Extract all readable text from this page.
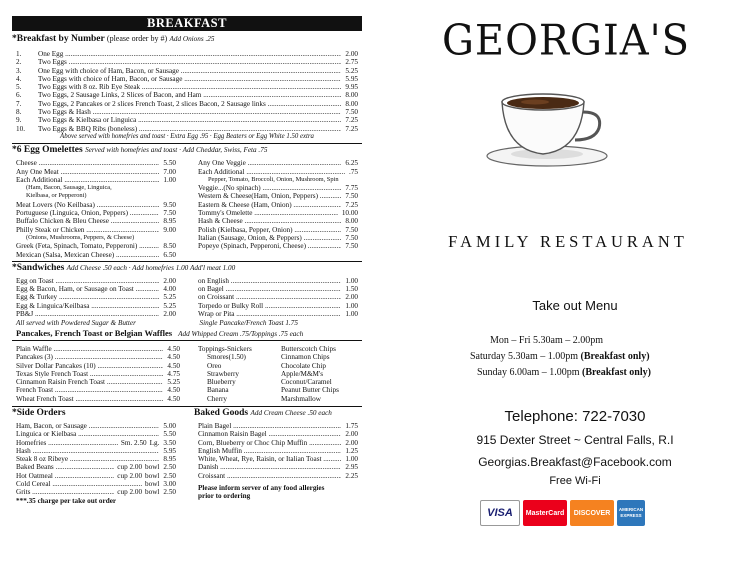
BREAKFAST
*Breakfast by Number (please order by #) Add Onions .25
1.	One Egg .....	2.00
2.	Two Eggs .....	2.75
3.	One Egg with choice of Ham, Bacon, or Sausage .....	5.25
4.	Two Eggs with choice of Ham, Bacon, or Sausage .....	5.95
5.	Two Eggs with 8 oz. Rib Eye Steak .....	9.95
6.	Two Eggs, 2 Sausage Links, 2 Slices of Bacon, and Ham .....	8.00
7.	Two Eggs, 2 Pancakes or 2 slices French Toast, 2 slices Bacon, 2 Sausage links .....	8.00
8.	Two Eggs & Hash .....	7.50
9.	Two Eggs & Kielbasa or Linguica .....	7.25
10.	Two Eggs & BBQ Ribs (boneless) .....	7.25
Above served with homefries and toast · Extra Egg .95 · Egg Beaters or Egg White 1.50 extra
*6 Egg Omelettes Served with homefries and toast · Add Cheddar, Swiss, Feta .75
Cheese .....	5.50
Any One Meat .....	7.00
Each Additional .....	1.00
(Ham, Bacon, Sausage, Linguica,
Kielbasa, or Pepperoni)
Meat Lovers (No Keilbasa) .....	9.50
Portuguese (Linguica, Onion, Peppers) .....	7.50
Buffalo Chicken & Bleu Cheese .....	8.95
Philly Steak or Chicken .....	9.00
(Onions, Mushrooms, Peppers, & Cheese)
Greek (Feta, Spinach, Tomato, Pepperoni) .....	8.50
Mexican (Salsa, Mexican Cheese) .....	6.50
Any One Veggie .....	6.25
Each Additional .....	.75
Pepper, Tomato, Broccoli, Onion, Mushroom, Spin
Veggie...(No spinach) .....	7.75
Western & Cheese(Ham, Onion, Peppers) .....	7.50
Eastern & Cheese (Ham, Onion) .....	7.25
Tommy's Omelette .....	10.00
Hash & Cheese .....	8.00
Polish (Kielbasa, Pepper, Onion) .....	7.50
Italian (Sausage, Onion, & Peppers) .....	7.50
Popeye (Spinach, Pepperoni, Cheese) .....	7.50
*Sandwiches Add Cheese .50 each · Add homefries 1.00 Add'l meat 1.00
Egg on Toast .....	2.00
Egg & Bacon, Ham, or Sausage on Toast .....	4.00
Egg & Turkey .....	5.25
Egg & Linguica/Keilbasa .....	5.25
PB&J .....	2.00
on English .....	1.00
on Bagel .....	1.50
on Croissant .....	2.00
Torpedo or Bulky Roll .....	1.00
Wrap or Pita .....	1.00
All served with Powdered Sugar & Butter	Single Pancake/French Toast 1.75
Pancakes, French Toast or Belgian Waffles Add Whipped Cream .75/Toppings .75 each
Plain Waffle .....	4.50
Pancakes (3) .....	4.50
Silver Dollar Pancakes (10) .....	4.50
Texas Style French Toast .....	4.75
Cinnamon Raisin French Toast .....	5.25
French Toast .....	4.50
Wheat French Toast .....	4.50
Toppings-Snickers	Butterscotch Chips
Smores(1.50)	Cinnamon Chips
Oreo	Chocolate Chip
Strawberry	Apple/M&M's
Blueberry	Coconut/Caramel
Banana	Peanut Butter Chips
Cherry	Marshmallow
*Side Orders
Ham, Bacon, or Sausage .....	5.00
Linguica or Kielbasa .....	5.50
Homefries .....	Sm. 2.50 Lg. 3.50
Hash .....	5.95
Steak 8 oz Ribeye .....	8.95
Baked Beans .....	cup 2.00 bowl 2.50
Hot Oatmeal .....	cup 2.00 bowl 2.50
Cold Cereal .....	bowl 3.00
Grits .....	cup 2.00 bowl 2.50
***.35 charge per take out order
Baked Goods Add Cream Cheese .50 each
Plain Bagel .....	1.75
Cinnamon Raisin Bagel .....	2.00
Corn, Blueberry or Choc Chip Muffin .....	2.00
English Muffin .....	1.25
White, Wheat, Rye, Raisin, or Italian Toast .....	1.00
Danish .....	2.95
Croissant .....	2.25
Please inform server of any food allergies
prior to ordering
GEORGIA'S
FAMILY RESTAURANT
Take out Menu
Mon – Fri 5.30am – 2.00pm
Saturday 5.30am – 1.00pm (Breakfast only)
Sunday 6.00am – 1.00pm (Breakfast only)
Telephone: 722-7030
915 Dexter Street ~ Central Falls, R.I
Georgias.Breakfast@Facebook.com
Free Wi-Fi
VISA	MasterCard	DISCOVER	AMERICAN EXPRESS
